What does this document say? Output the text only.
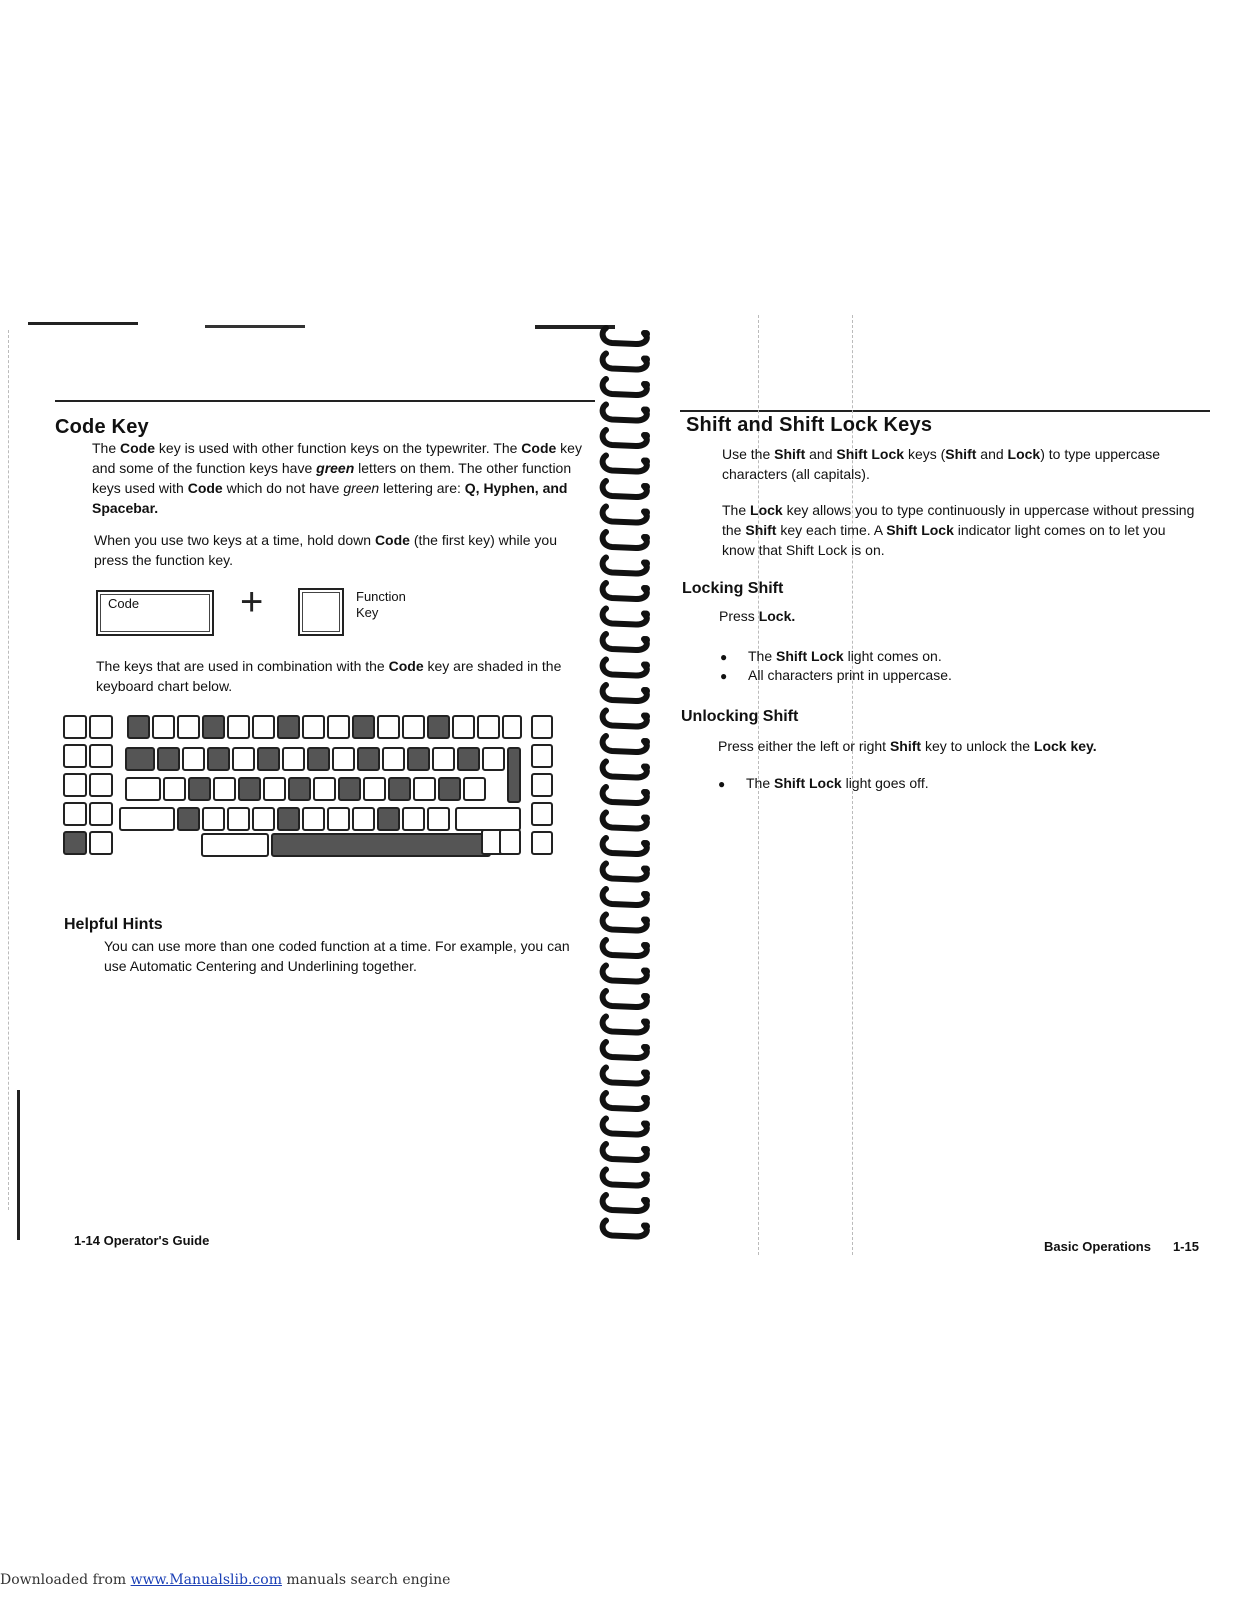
Code Key
The Code key is used with other function keys on the typewriter. The Code key and some of the function keys have green letters on them. The other function keys used with Code which do not have green lettering are: Q, Hyphen, and Spacebar.
When you use two keys at a time, hold down Code (the first key) while you press the function key.
Code	+	Function
Key
The keys that are used in combination with the Code key are shaded in the keyboard chart below.
Helpful Hints
You can use more than one coded function at a time. For example, you can use Automatic Centering and Underlining together.
1-14 Operator's Guide
Shift and Shift Lock Keys
Use the Shift and Shift Lock keys (Shift and Lock) to type uppercase characters (all capitals).
The Lock key allows you to type continuously in uppercase without pressing the Shift key each time. A Shift Lock indicator light comes on to let you know that Shift Lock is on.
Locking Shift
Press Lock.
●	The Shift Lock light comes on.
●	All characters print in uppercase.
Unlocking Shift
Press either the left or right Shift key to unlock the Lock key.
●	The Shift Lock light goes off.
Basic Operations 1-15
Downloaded from www.Manualslib.com manuals search engine
